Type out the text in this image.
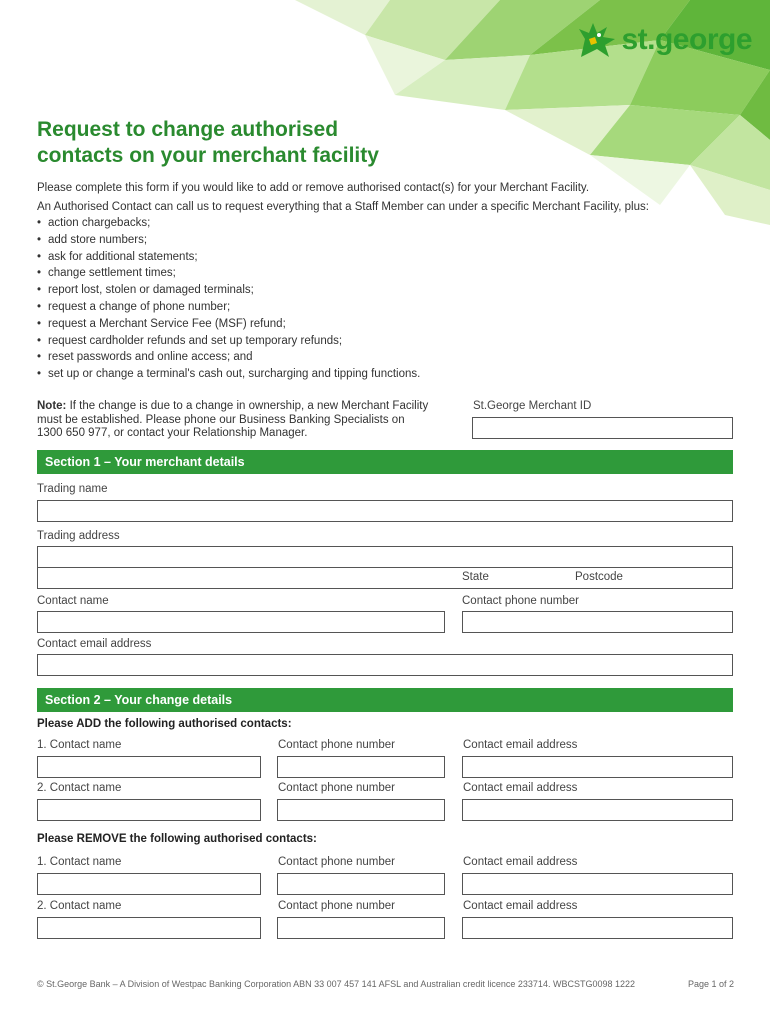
st.george
Request to change authorised
contacts on your merchant facility
Please complete this form if you would like to add or remove authorised contact(s) for your Merchant Facility.
An Authorised Contact can call us to request everything that a Staff Member can under a specific Merchant Facility, plus:
• action chargebacks;
• add store numbers;
• ask for additional statements;
• change settlement times;
• report lost, stolen or damaged terminals;
• request a change of phone number;
• request a Merchant Service Fee (MSF) refund;
• request cardholder refunds and set up temporary refunds;
• reset passwords and online access; and
• set up or change a terminal's cash out, surcharging and tipping functions.
Note: If the change is due to a change in ownership, a new Merchant Facility
must be established. Please phone our Business Banking Specialists on
1300 650 977, or contact your Relationship Manager.
St.George Merchant ID
Section 1 – Your merchant details
Trading name
Trading address
State	Postcode
Contact name	Contact phone number
Contact email address
Section 2 – Your change details
Please ADD the following authorised contacts:
1. Contact name	Contact phone number	Contact email address
2. Contact name	Contact phone number	Contact email address
Please REMOVE the following authorised contacts:
1. Contact name	Contact phone number	Contact email address
2. Contact name	Contact phone number	Contact email address
© St.George Bank – A Division of Westpac Banking Corporation ABN 33 007 457 141 AFSL and Australian credit licence 233714. WBCSTG0098 1222	Page 1 of 2
